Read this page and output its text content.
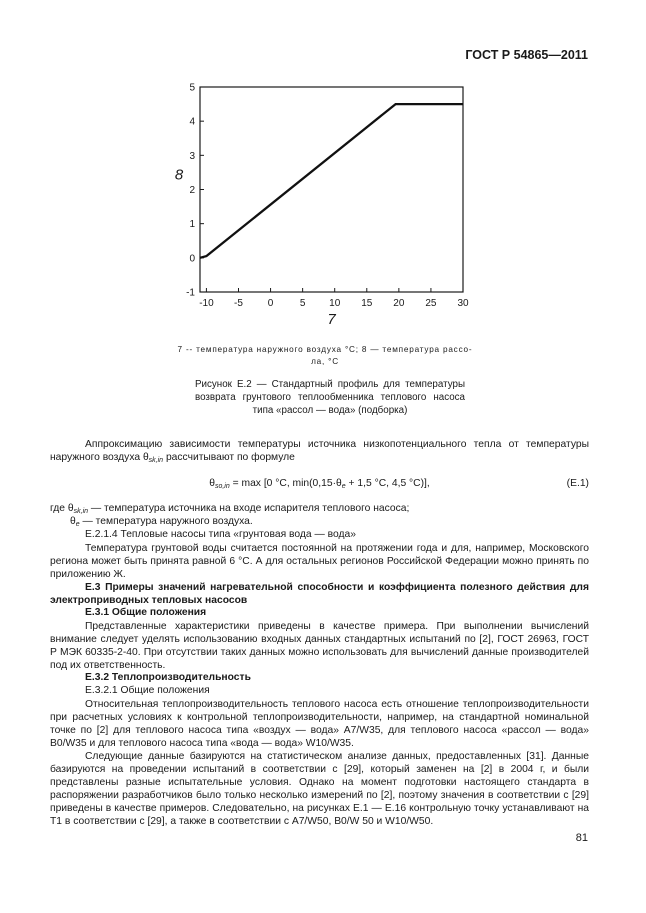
ГОСТ Р 54865—2011
-1
0
1
2
3
4
5
-10 -5 0	5 10 15 20 25 30
7
8
7 -- температура наружного воздуха °С; 8 — температура рассо-
ла, °С
Рисунок Е.2 — Стандартный профиль для температуры возврата грунтового теплообменника теплового насоса типа «рассол — вода» (подборка)
Аппроксимацию зависимости температуры источника низкопотенциального тепла от температуры наружного воздуха $\theta_{sk,in}$ рассчитывают по формуле
$\theta_{so,in} = \max [0$ °С, $\min(0,15\cdot\theta_e + 1,5$ °С, 4,5 °С)],	(Е.1)
где $\theta_{sk,in}$ — температура источника на входе испарителя теплового насоса;
$\theta_e$ — температура наружного воздуха.
Е.2.1.4 Тепловые насосы типа «грунтовая вода — вода»
Температура грунтовой воды считается постоянной на протяжении года и для, например, Московского региона может быть принята равной 6 °С. А для остальных регионов Российской Федерации можно принять по приложению Ж.
Е.3 Примеры значений нагревательной способности и коэффициента полезного действия для электроприводных тепловых насосов
Е.3.1 Общие положения
Представленные характеристики приведены в качестве примера. При выполнении вычислений внимание следует уделять использованию входных данных стандартных испытаний по [2], ГОСТ 26963, ГОСТ Р МЭК 60335-2-40. При отсутствии таких данных можно использовать для вычислений данные производителей под их ответственность.
Е.3.2 Теплопроизводительность
Е.3.2.1 Общие положения
Относительная теплопроизводительность теплового насоса есть отношение теплопроизводительности при расчетных условиях к контрольной теплопроизводительности, например, на стандартной номинальной точке по [2] для теплового насоса типа «воздух — вода» A7/W35, для теплового насоса «рассол — вода» B0/W35 и для теплового насоса типа «вода — вода» W10/W35.
Следующие данные базируются на статистическом анализе данных, предоставленных [31]. Данные базируются на проведении испытаний в соответствии с [29], который заменен на [2] в 2004 г, и были представлены разные испытательные условия. Однако на момент подготовки настоящего стандарта в распоряжении разработчиков было только несколько измерений по [2], поэтому значения в соответствии с [29] приведены в качестве примеров. Следовательно, на рисунках Е.1 — Е.16 контрольную точку устанавливают на Т1 в соответствии с [29], а также в соответствии с A7/W50, B0/W 50 и W10/W50.
81
